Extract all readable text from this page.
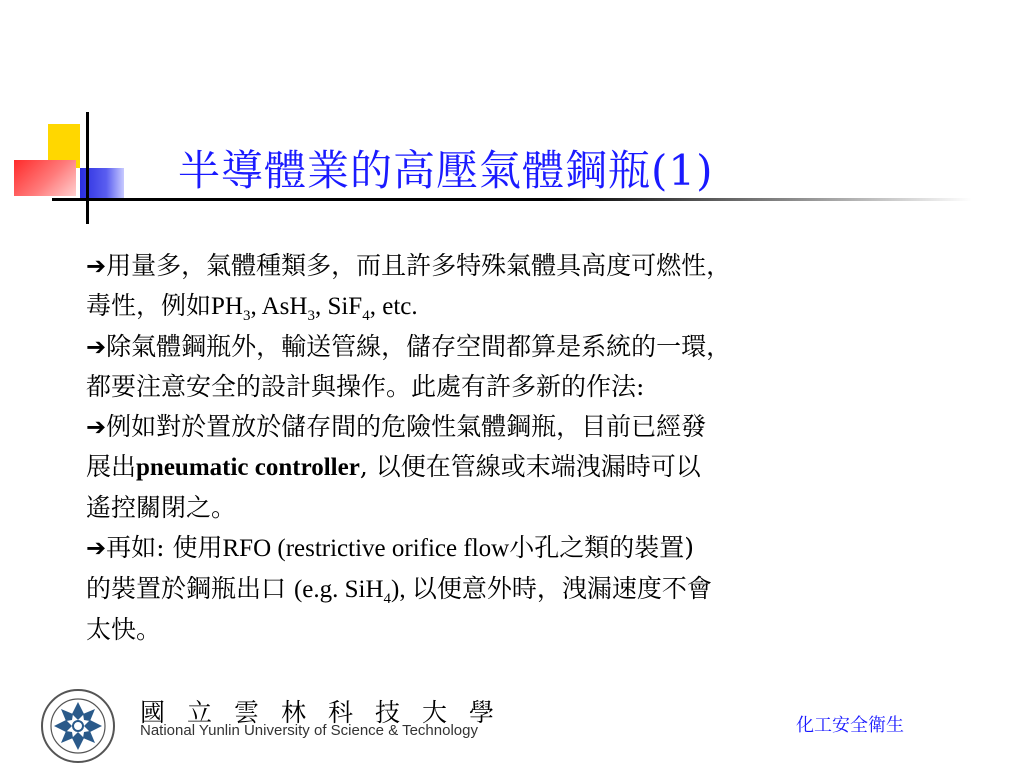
半導體業的高壓氣體鋼瓶(1)
➔用量多，氣體種類多，而且許多特殊氣體具高度可燃性，
毒性，例如$PH_3$, AsH$_3$, SiF$_4$, etc.
➔除氣體鋼瓶外，輸送管線，儲存空間都算是系統的一環，
都要注意安全的設計與操作。此處有許多新的作法:
➔例如對於置放於儲存間的危險性氣體鋼瓶，目前已經發
展出pneumatic controller, 以便在管線或末端洩漏時可以
遙控關閉之。
➔再如: 使用RFO (restrictive orifice flow小孔之類的裝置)
的裝置於鋼瓶出口 (e.g. SiH$_4$), 以便意外時，洩漏速度不會
太快。
國立雲林科技大學
National Yunlin University of Science & Technology	化工安全衛生
